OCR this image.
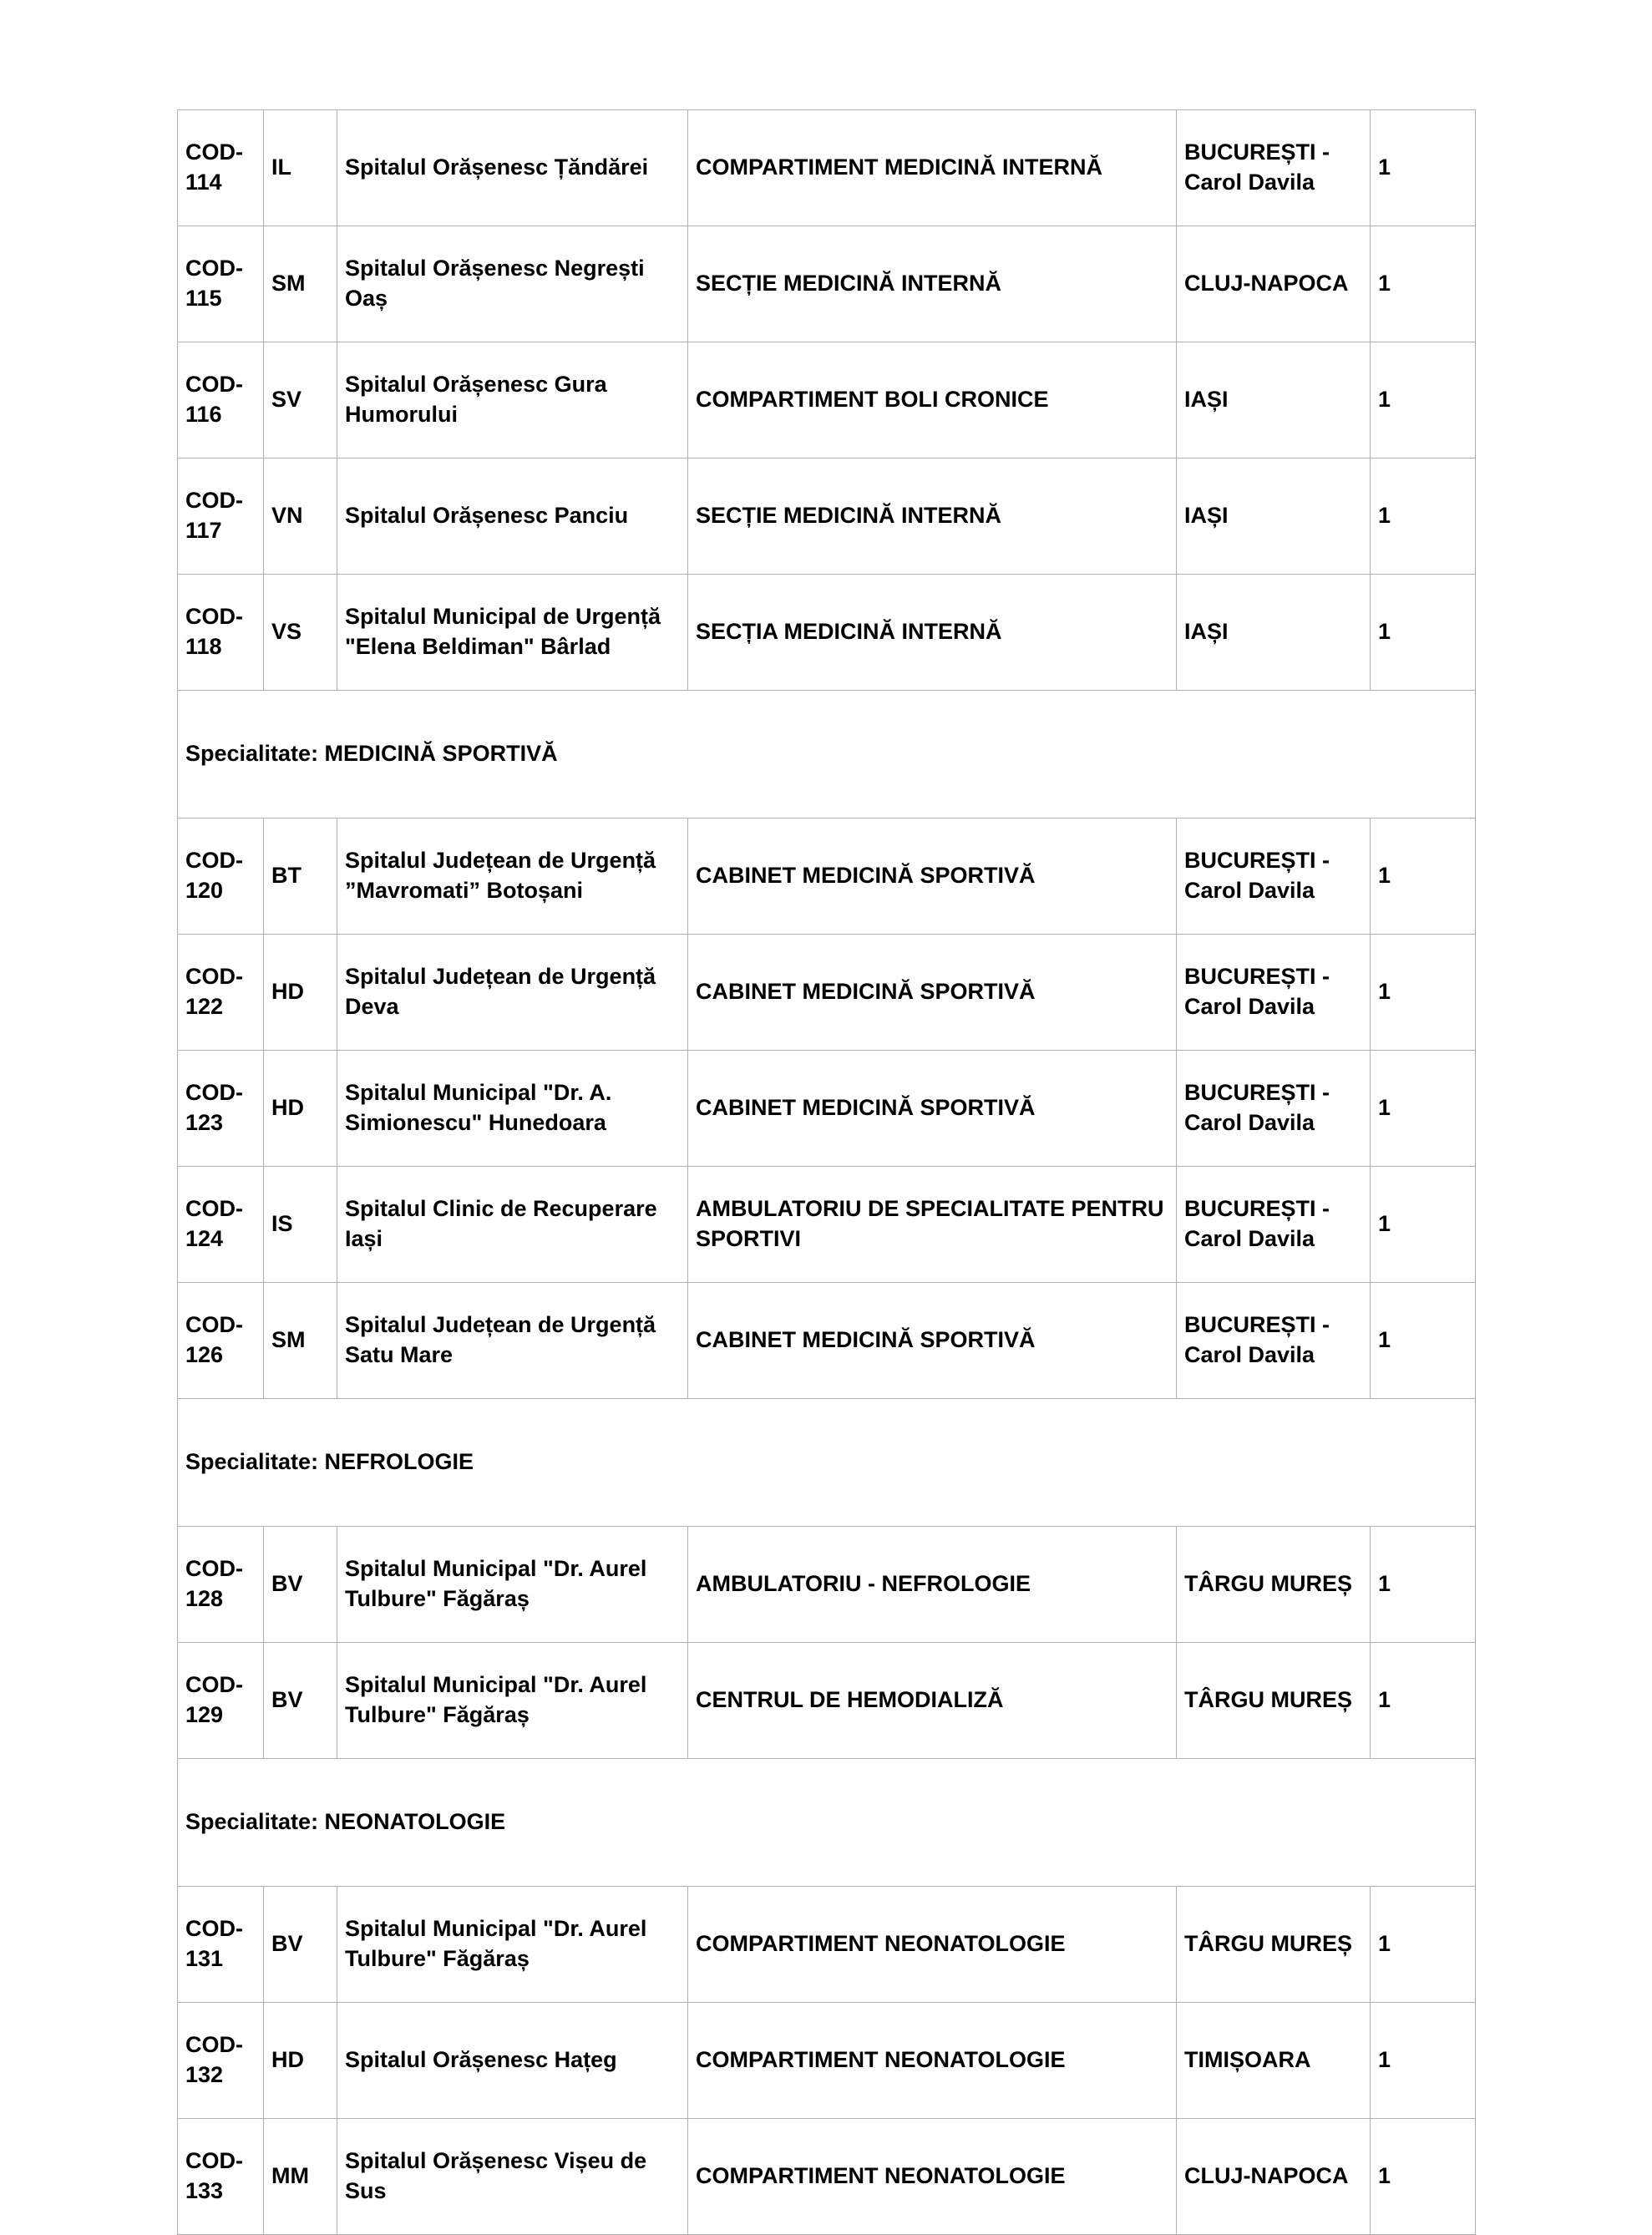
COD-114	IL	Spitalul Orășenesc Țăndărei	COMPARTIMENT MEDICINĂ INTERNĂ	BUCUREȘTI - Carol Davila	1
COD-115	SM	Spitalul Orășenesc Negrești Oaș	SECȚIE MEDICINĂ INTERNĂ	CLUJ-NAPOCA	1
COD-116	SV	Spitalul Orășenesc Gura Humorului	COMPARTIMENT BOLI CRONICE	IAȘI	1
COD-117	VN	Spitalul Orășenesc Panciu	SECȚIE MEDICINĂ INTERNĂ	IAȘI	1
COD-118	VS	Spitalul Municipal de Urgență "Elena Beldiman" Bârlad	SECȚIA MEDICINĂ INTERNĂ	IAȘI	1
Specialitate: MEDICINĂ SPORTIVĂ					
COD-120	BT	Spitalul Județean de Urgență ”Mavromati” Botoșani	CABINET MEDICINĂ SPORTIVĂ	BUCUREȘTI - Carol Davila	1
COD-122	HD	Spitalul Județean de Urgență Deva	CABINET MEDICINĂ SPORTIVĂ	BUCUREȘTI - Carol Davila	1
COD-123	HD	Spitalul Municipal "Dr. A. Simionescu" Hunedoara	CABINET MEDICINĂ SPORTIVĂ	BUCUREȘTI - Carol Davila	1
COD-124	IS	Spitalul Clinic de Recuperare Iași	AMBULATORIU DE SPECIALITATE PENTRU SPORTIVI	BUCUREȘTI - Carol Davila	1
COD-126	SM	Spitalul Județean de Urgență Satu Mare	CABINET MEDICINĂ SPORTIVĂ	BUCUREȘTI - Carol Davila	1
Specialitate: NEFROLOGIE					
COD-128	BV	Spitalul Municipal "Dr. Aurel Tulbure" Făgăraș	AMBULATORIU - NEFROLOGIE	TÂRGU MUREȘ	1
COD-129	BV	Spitalul Municipal "Dr. Aurel Tulbure" Făgăraș	CENTRUL DE HEMODIALIZĂ	TÂRGU MUREȘ	1
Specialitate: NEONATOLOGIE					
COD-131	BV	Spitalul Municipal "Dr. Aurel Tulbure" Făgăraș	COMPARTIMENT NEONATOLOGIE	TÂRGU MUREȘ	1
COD-132	HD	Spitalul Orășenesc Hațeg	COMPARTIMENT NEONATOLOGIE	TIMIȘOARA	1
COD-133	MM	Spitalul Orășenesc Vișeu de Sus	COMPARTIMENT NEONATOLOGIE	CLUJ-NAPOCA	1
